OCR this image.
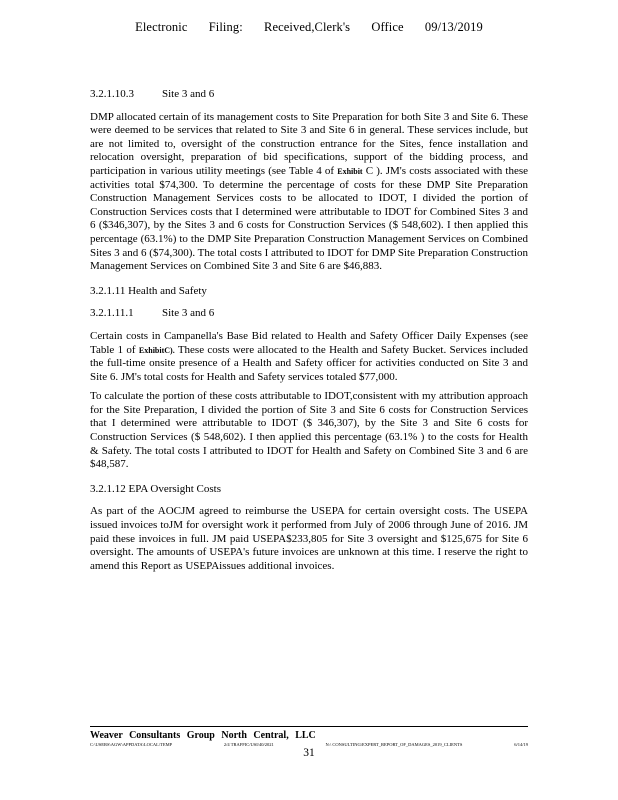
Electronic Filing: Received,Clerk's Office 09/13/2019
3.2.1.10.3	Site 3 and 6

DMP allocated certain of its management costs to Site Preparation for both Site 3 and Site 6. These were deemed to be services that related to Site 3 and Site 6 in general. These services include, but are not limited to, oversight of the construction entrance for the Sites, fence installation and relocation oversight, preparation of bid specifications, support of the bidding process, and participation in various utility meetings (see Table 4 of Exhibit C ). JM's costs associated with these activities total $74,300. To determine the percentage of costs for these DMP Site Preparation Construction Management Services costs to be allocated to IDOT, I divided the portion of Construction Services costs that I determined were attributable to IDOT for Combined Sites 3 and 6 ($346,307), by the Sites 3 and 6 costs for Construction Services ($ 548,602). I then applied this percentage (63.1%) to the DMP Site Preparation Construction Management Services on Combined Sites 3 and 6 ($74,300). The total costs I attributed to IDOT for DMP Site Preparation Construction Management Services on Combined Site 3 and Site 6 are $46,883.

3.2.1.11 Health and Safety
3.2.1.11.1	Site 3 and 6

Certain costs in Campanella's Base Bid related to Health and Safety Officer Daily Expenses (see Table 1 of ExhibitC). These costs were allocated to the Health and Safety Bucket. Services included the full-time onsite presence of a Health and Safety officer for activities conducted on Site 3 and Site 6. JM's total costs for Health and Safety services totaled $77,000.

To calculate the portion of these costs attributable to IDOT,consistent with my attribution approach for the Site Preparation, I divided the portion of Site 3 and Site 6 costs for Construction Services that I determined were attributable to IDOT ($ 346,307), by the Site 3 and Site 6 costs for Construction Services ($ 548,602). I then applied this percentage (63.1% ) to the costs for Health & Safety. The total costs I attributed to IDOT for Health and Safety on Combined Site 3 and 6 are $48,587.

3.2.1.12 EPA Oversight Costs

As part of the AOCJM agreed to reimburse the USEPA for certain oversight costs. The USEPA issued invoices toJM for oversight work it performed from July of 2006 through June of 2016. JM paid these invoices in full. JM paid USEPA$233,805 for Site 3 oversight and $125,675 for Site 6 oversight. The amounts of USEPA's future invoices are unknown at this time. I reserve the right to amend this Report as USEPAissues additional invoices.

Weaver Consultants Group North Central, LLC
C:\USERS\AGW\APPDATA\LOCAL\TEMP	2/4 TRAFFIC/USI/40/2021	N:\ CONSULTING\EXPERT_REPORT_OF_DAMAGES_2019_CLIENTS	6/14/19
31
